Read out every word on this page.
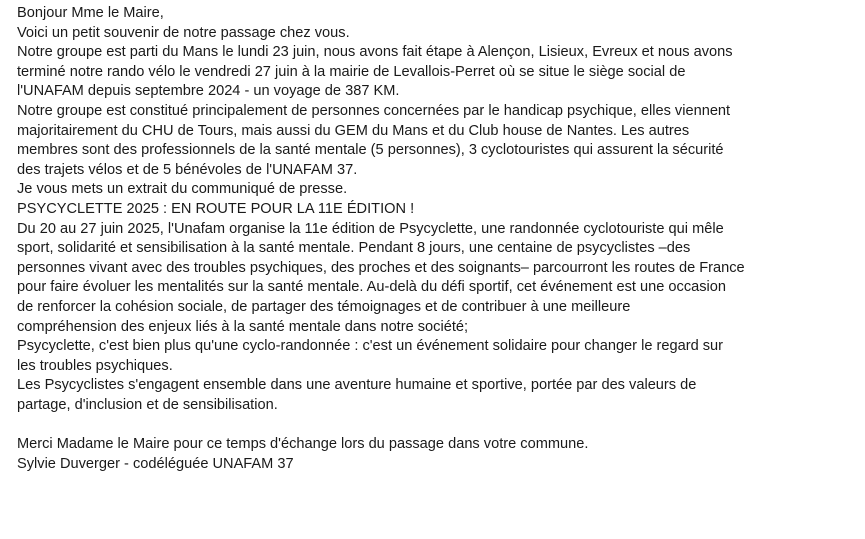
Bonjour Mme le Maire,

Voici un petit souvenir de notre passage chez vous.

Notre groupe est parti du Mans le lundi 23 juin, nous avons fait étape à Alençon, Lisieux, Evreux et nous avons
terminé notre rando vélo le vendredi 27 juin à la mairie de Levallois-Perret où se situe le siège social de
l'UNAFAM depuis septembre 2024 - un voyage de 387 KM.

Notre groupe est constitué principalement de personnes concernées par le handicap psychique, elles viennent
majoritairement du CHU de Tours, mais aussi du GEM du Mans et du Club house de Nantes. Les autres
membres sont des professionnels de la santé mentale (5 personnes), 3 cyclotouristes qui assurent la sécurité
des trajets vélos et de 5 bénévoles de l'UNAFAM 37.

Je vous mets un extrait du communiqué de presse.

PSYCYCLETTE 2025 : EN ROUTE POUR LA 11E ÉDITION !

Du 20 au 27 juin 2025, l'Unafam organise la 11e édition de Psycyclette, une randonnée cyclotouriste qui mêle
sport, solidarité et sensibilisation à la santé mentale. Pendant 8 jours, une centaine de psycyclistes –des
personnes vivant avec des troubles psychiques, des proches et des soignants– parcourront les routes de France
pour faire évoluer les mentalités sur la santé mentale. Au-delà du défi sportif, cet événement est une occasion
de renforcer la cohésion sociale, de partager des témoignages et de contribuer à une meilleure
compréhension des enjeux liés à la santé mentale dans notre société;

Psycyclette, c'est bien plus qu'une cyclo-randonnée : c'est un événement solidaire pour changer le regard sur
les troubles psychiques.

Les Psycyclistes s'engagent ensemble dans une aventure humaine et sportive, portée par des valeurs de
partage, d'inclusion et de sensibilisation.

Merci Madame le Maire pour ce temps d'échange lors du passage dans votre commune.

Sylvie Duverger - codéléguée UNAFAM 37
